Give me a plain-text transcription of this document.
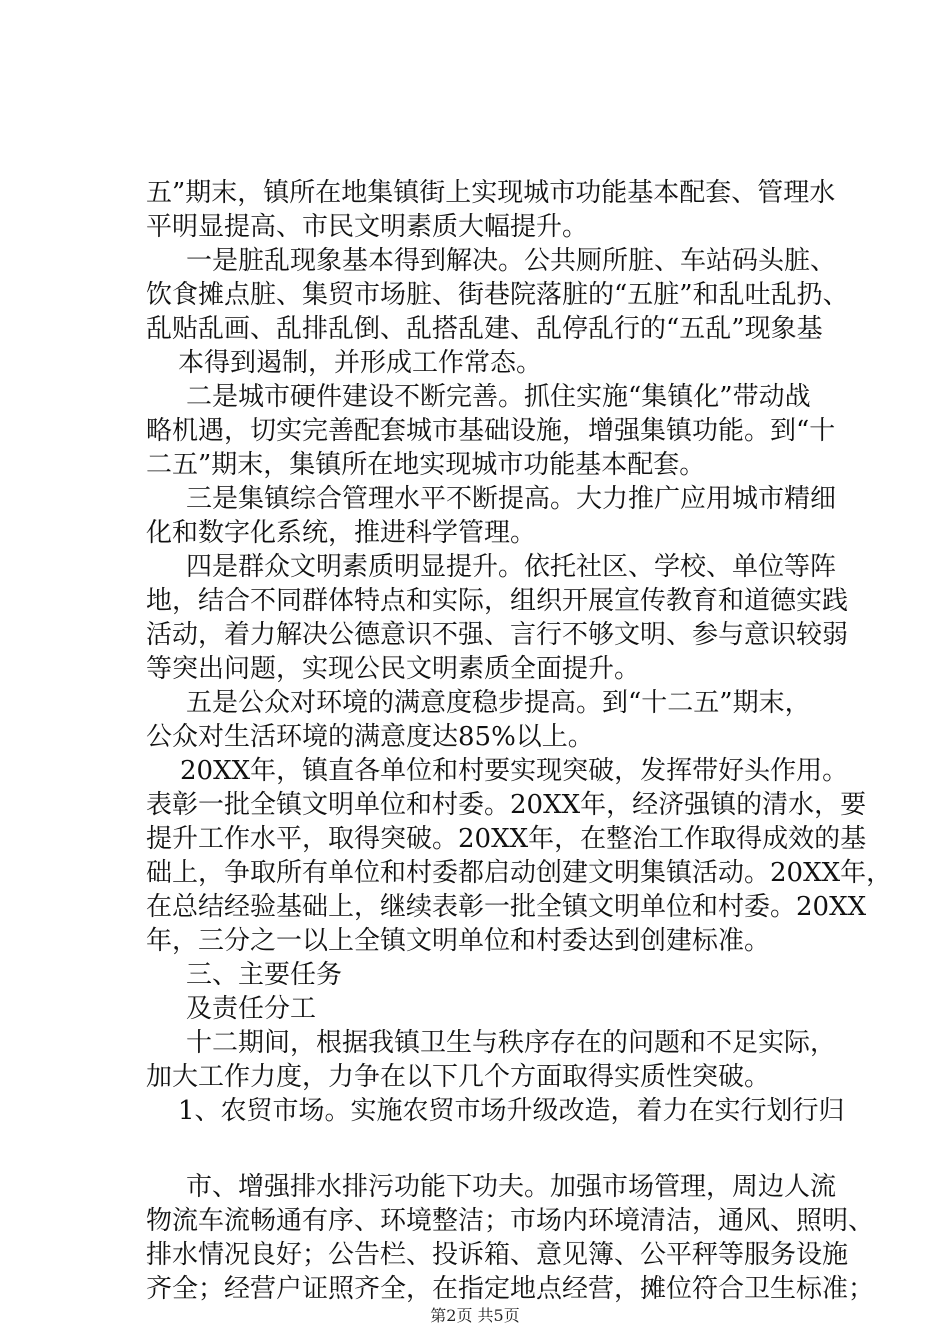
五”期末，镇所在地集镇街上实现城市功能基本配套、管理水
平明显提高、市民文明素质大幅提升。
一是脏乱现象基本得到解决。公共厕所脏、车站码头脏、
饮食摊点脏、集贸市场脏、街巷院落脏的“五脏”和乱吐乱扔、
乱贴乱画、乱排乱倒、乱搭乱建、乱停乱行的“五乱”现象基
本得到遏制，并形成工作常态。
二是城市硬件建设不断完善。抓住实施“集镇化”带动战
略机遇，切实完善配套城市基础设施，增强集镇功能。到“十
二五”期末，集镇所在地实现城市功能基本配套。
三是集镇综合管理水平不断提高。大力推广应用城市精细
化和数字化系统，推进科学管理。
四是群众文明素质明显提升。依托社区、学校、单位等阵
地，结合不同群体特点和实际，组织开展宣传教育和道德实践
活动，着力解决公德意识不强、言行不够文明、参与意识较弱
等突出问题，实现公民文明素质全面提升。
五是公众对环境的满意度稳步提高。到“十二五”期末，
公众对生活环境的满意度达85%以上。
20XX年，镇直各单位和村要实现突破，发挥带好头作用。
表彰一批全镇文明单位和村委。20XX年，经济强镇的清水，要
提升工作水平，取得突破。20XX年，在整治工作取得成效的基
础上，争取所有单位和村委都启动创建文明集镇活动。20XX年，
在总结经验基础上，继续表彰一批全镇文明单位和村委。20XX
年，三分之一以上全镇文明单位和村委达到创建标准。
三、主要任务
及责任分工
十二期间，根据我镇卫生与秩序存在的问题和不足实际，
加大工作力度，力争在以下几个方面取得实质性突破。
1、农贸市场。实施农贸市场升级改造，着力在实行划行归
市、增强排水排污功能下功夫。加强市场管理，周边人流
物流车流畅通有序、环境整洁；市场内环境清洁，通风、照明、
排水情况良好；公告栏、投诉箱、意见簿、公平秤等服务设施
齐全；经营户证照齐全，在指定地点经营，摊位符合卫生标准；
第2页 共5页
